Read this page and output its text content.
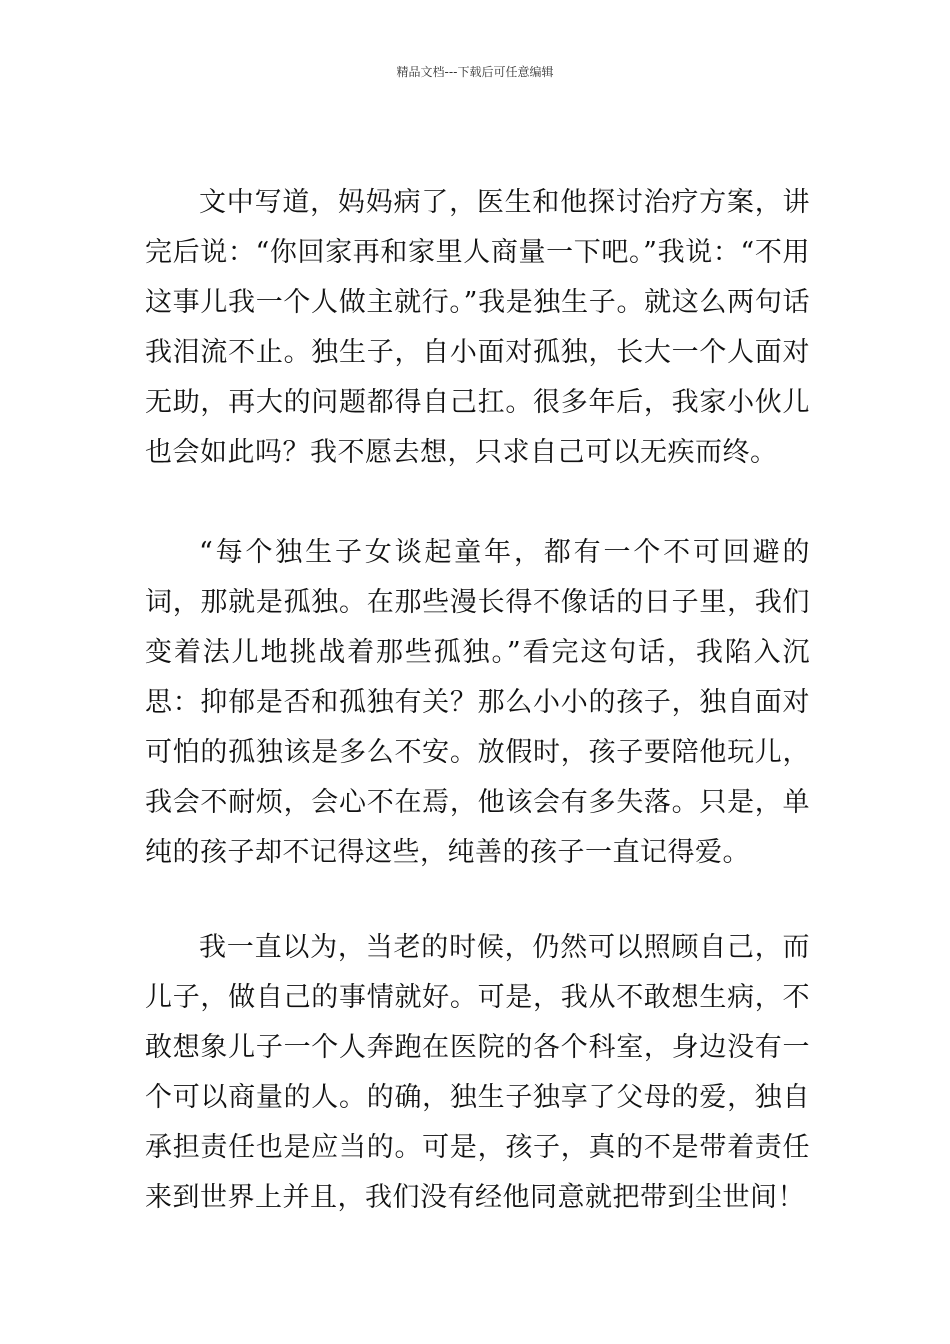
精品文档---下载后可任意编辑

文中写道，妈妈病了，医生和他探讨治疗方案，讲完后说：“你回家再和家里人商量一下吧。”我说：“不用这事儿我一个人做主就行。”我是独生子。就这么两句话我泪流不止。独生子，自小面对孤独，长大一个人面对无助，再大的问题都得自己扛。很多年后，我家小伙儿也会如此吗？我不愿去想，只求自己可以无疾而终。

“每个独生子女谈起童年，都有一个不可回避的词，那就是孤独。在那些漫长得不像话的日子里，我们变着法儿地挑战着那些孤独。”看完这句话，我陷入沉思：抑郁是否和孤独有关？那么小小的孩子，独自面对可怕的孤独该是多么不安。放假时，孩子要陪他玩儿，我会不耐烦，会心不在焉，他该会有多失落。只是，单纯的孩子却不记得这些，纯善的孩子一直记得爱。

我一直以为，当老的时候，仍然可以照顾自己，而儿子，做自己的事情就好。可是，我从不敢想生病，不敢想象儿子一个人奔跑在医院的各个科室，身边没有一个可以商量的人。的确，独生子独享了父母的爱，独自承担责任也是应当的。可是，孩子，真的不是带着责任来到世界上并且，我们没有经他同意就把带到尘世间！
